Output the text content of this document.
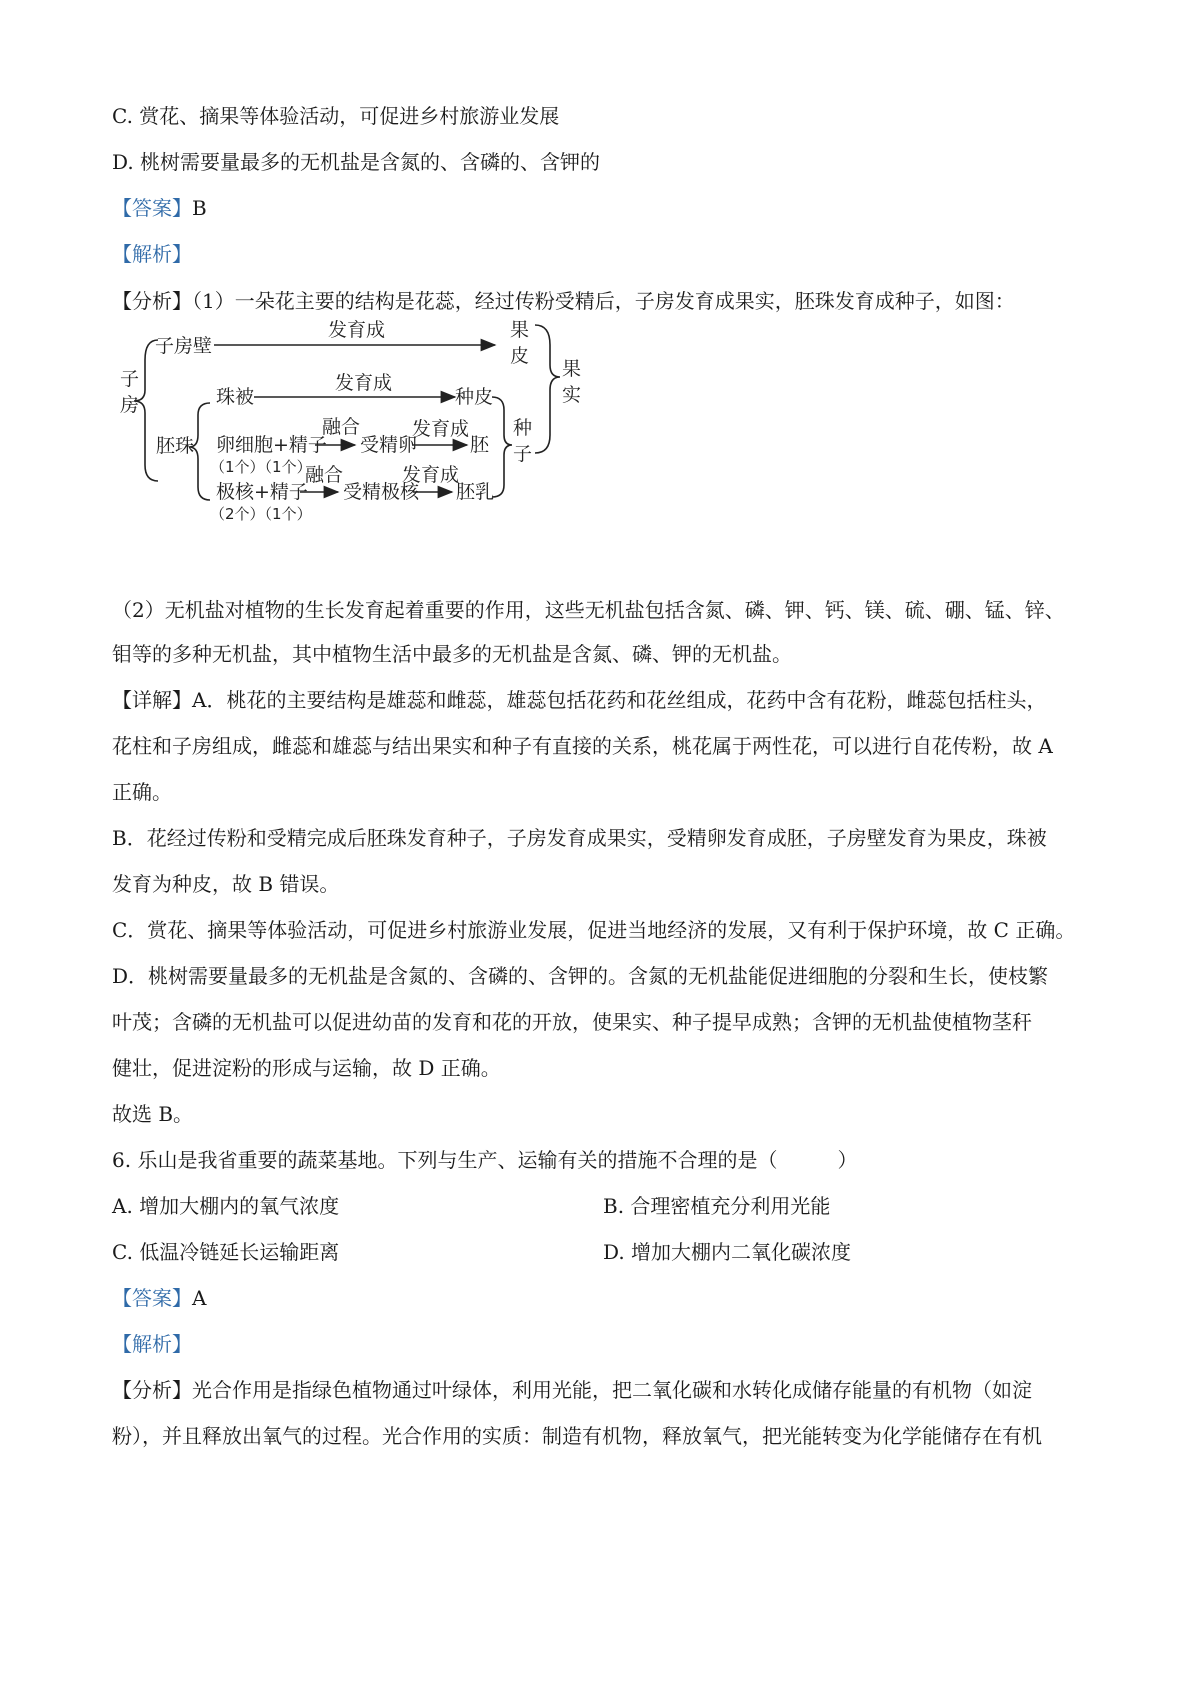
C. 赏花、摘果等体验活动，可促进乡村旅游业发展
D. 桃树需要量最多的无机盐是含氮的、含磷的、含钾的
【答案】B
【解析】
【分析】（1）一朵花主要的结构是花蕊，经过传粉受精后，子房发育成果实，胚珠发育成种子，如图：
子
房
子房壁
发育成	果
皮
果
实
胚珠
珠被
发育成
种皮
卵细胞+精子
融合
受精卵
发育成
胚
种
子
极核+精子
融合
受精极核
发育成
胚乳
（1个）（1个）
（2个）（1个）
（2）无机盐对植物的生长发育起着重要的作用，这些无机盐包括含氮、磷、钾、钙、镁、硫、硼、锰、锌、
钼等的多种无机盐，其中植物生活中最多的无机盐是含氮、磷、钾的无机盐。
【详解】A．桃花的主要结构是雄蕊和雌蕊，雄蕊包括花药和花丝组成，花药中含有花粉，雌蕊包括柱头，
花柱和子房组成，雌蕊和雄蕊与结出果实和种子有直接的关系，桃花属于两性花，可以进行自花传粉，故 A
正确。
B．花经过传粉和受精完成后胚珠发育种子，子房发育成果实，受精卵发育成胚，子房壁发育为果皮，珠被
发育为种皮，故 B 错误。
C．赏花、摘果等体验活动，可促进乡村旅游业发展，促进当地经济的发展，又有利于保护环境，故 C 正确。
D．桃树需要量最多的无机盐是含氮的、含磷的、含钾的。含氮的无机盐能促进细胞的分裂和生长，使枝繁
叶茂；含磷的无机盐可以促进幼苗的发育和花的开放，使果实、种子提早成熟；含钾的无机盐使植物茎秆
健壮，促进淀粉的形成与运输，故 D 正确。
故选 B。
6. 乐山是我省重要的蔬菜基地。下列与生产、运输有关的措施不合理的是（　　　）
A. 增加大棚内的氧气浓度	B. 合理密植充分利用光能
C. 低温冷链延长运输距离	D. 增加大棚内二氧化碳浓度
【答案】A
【解析】
【分析】光合作用是指绿色植物通过叶绿体，利用光能，把二氧化碳和水转化成储存能量的有机物（如淀
粉），并且释放出氧气的过程。光合作用的实质：制造有机物，释放氧气，把光能转变为化学能储存在有机
